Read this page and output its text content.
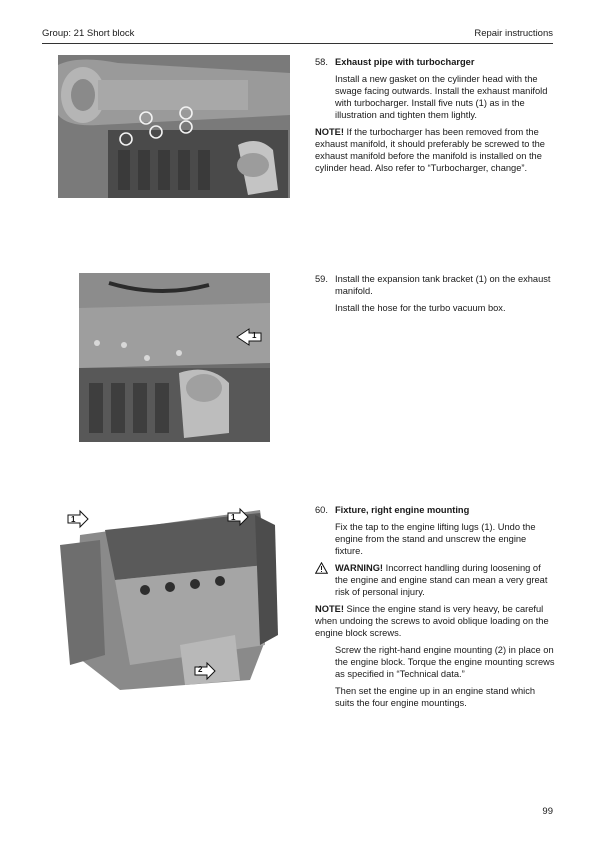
Group: 21 Short block	Repair instructions
1
1	1
2
58. Exhaust pipe with turbocharger

Install a new gasket on the cylinder head with the swage facing outwards. Install the exhaust manifold with turbocharger. Install five nuts (1) as in the illustration and tighten them lightly.

NOTE! If the turbocharger has been removed from the exhaust manifold, it should preferably be screwed to the exhaust manifold before the manifold is installed on the cylinder head. Also refer to “Turbocharger, change”.

59. Install the expansion tank bracket (1) on the exhaust manifold.

Install the hose for the turbo vacuum box.

60. Fixture, right engine mounting

Fix the tap to the engine lifting lugs (1). Undo the engine from the stand and unscrew the engine fixture.

WARNING! Incorrect handling during loosening of the engine and engine stand can mean a very great risk of personal injury.

NOTE! Since the engine stand is very heavy, be careful when undoing the screws to avoid oblique loading on the engine block screws.

Screw the right-hand engine mounting (2) in place on the engine block. Torque the engine mounting screws as specified in “Technical data.”

Then set the engine up in an engine stand which suits the four engine mountings.

99
